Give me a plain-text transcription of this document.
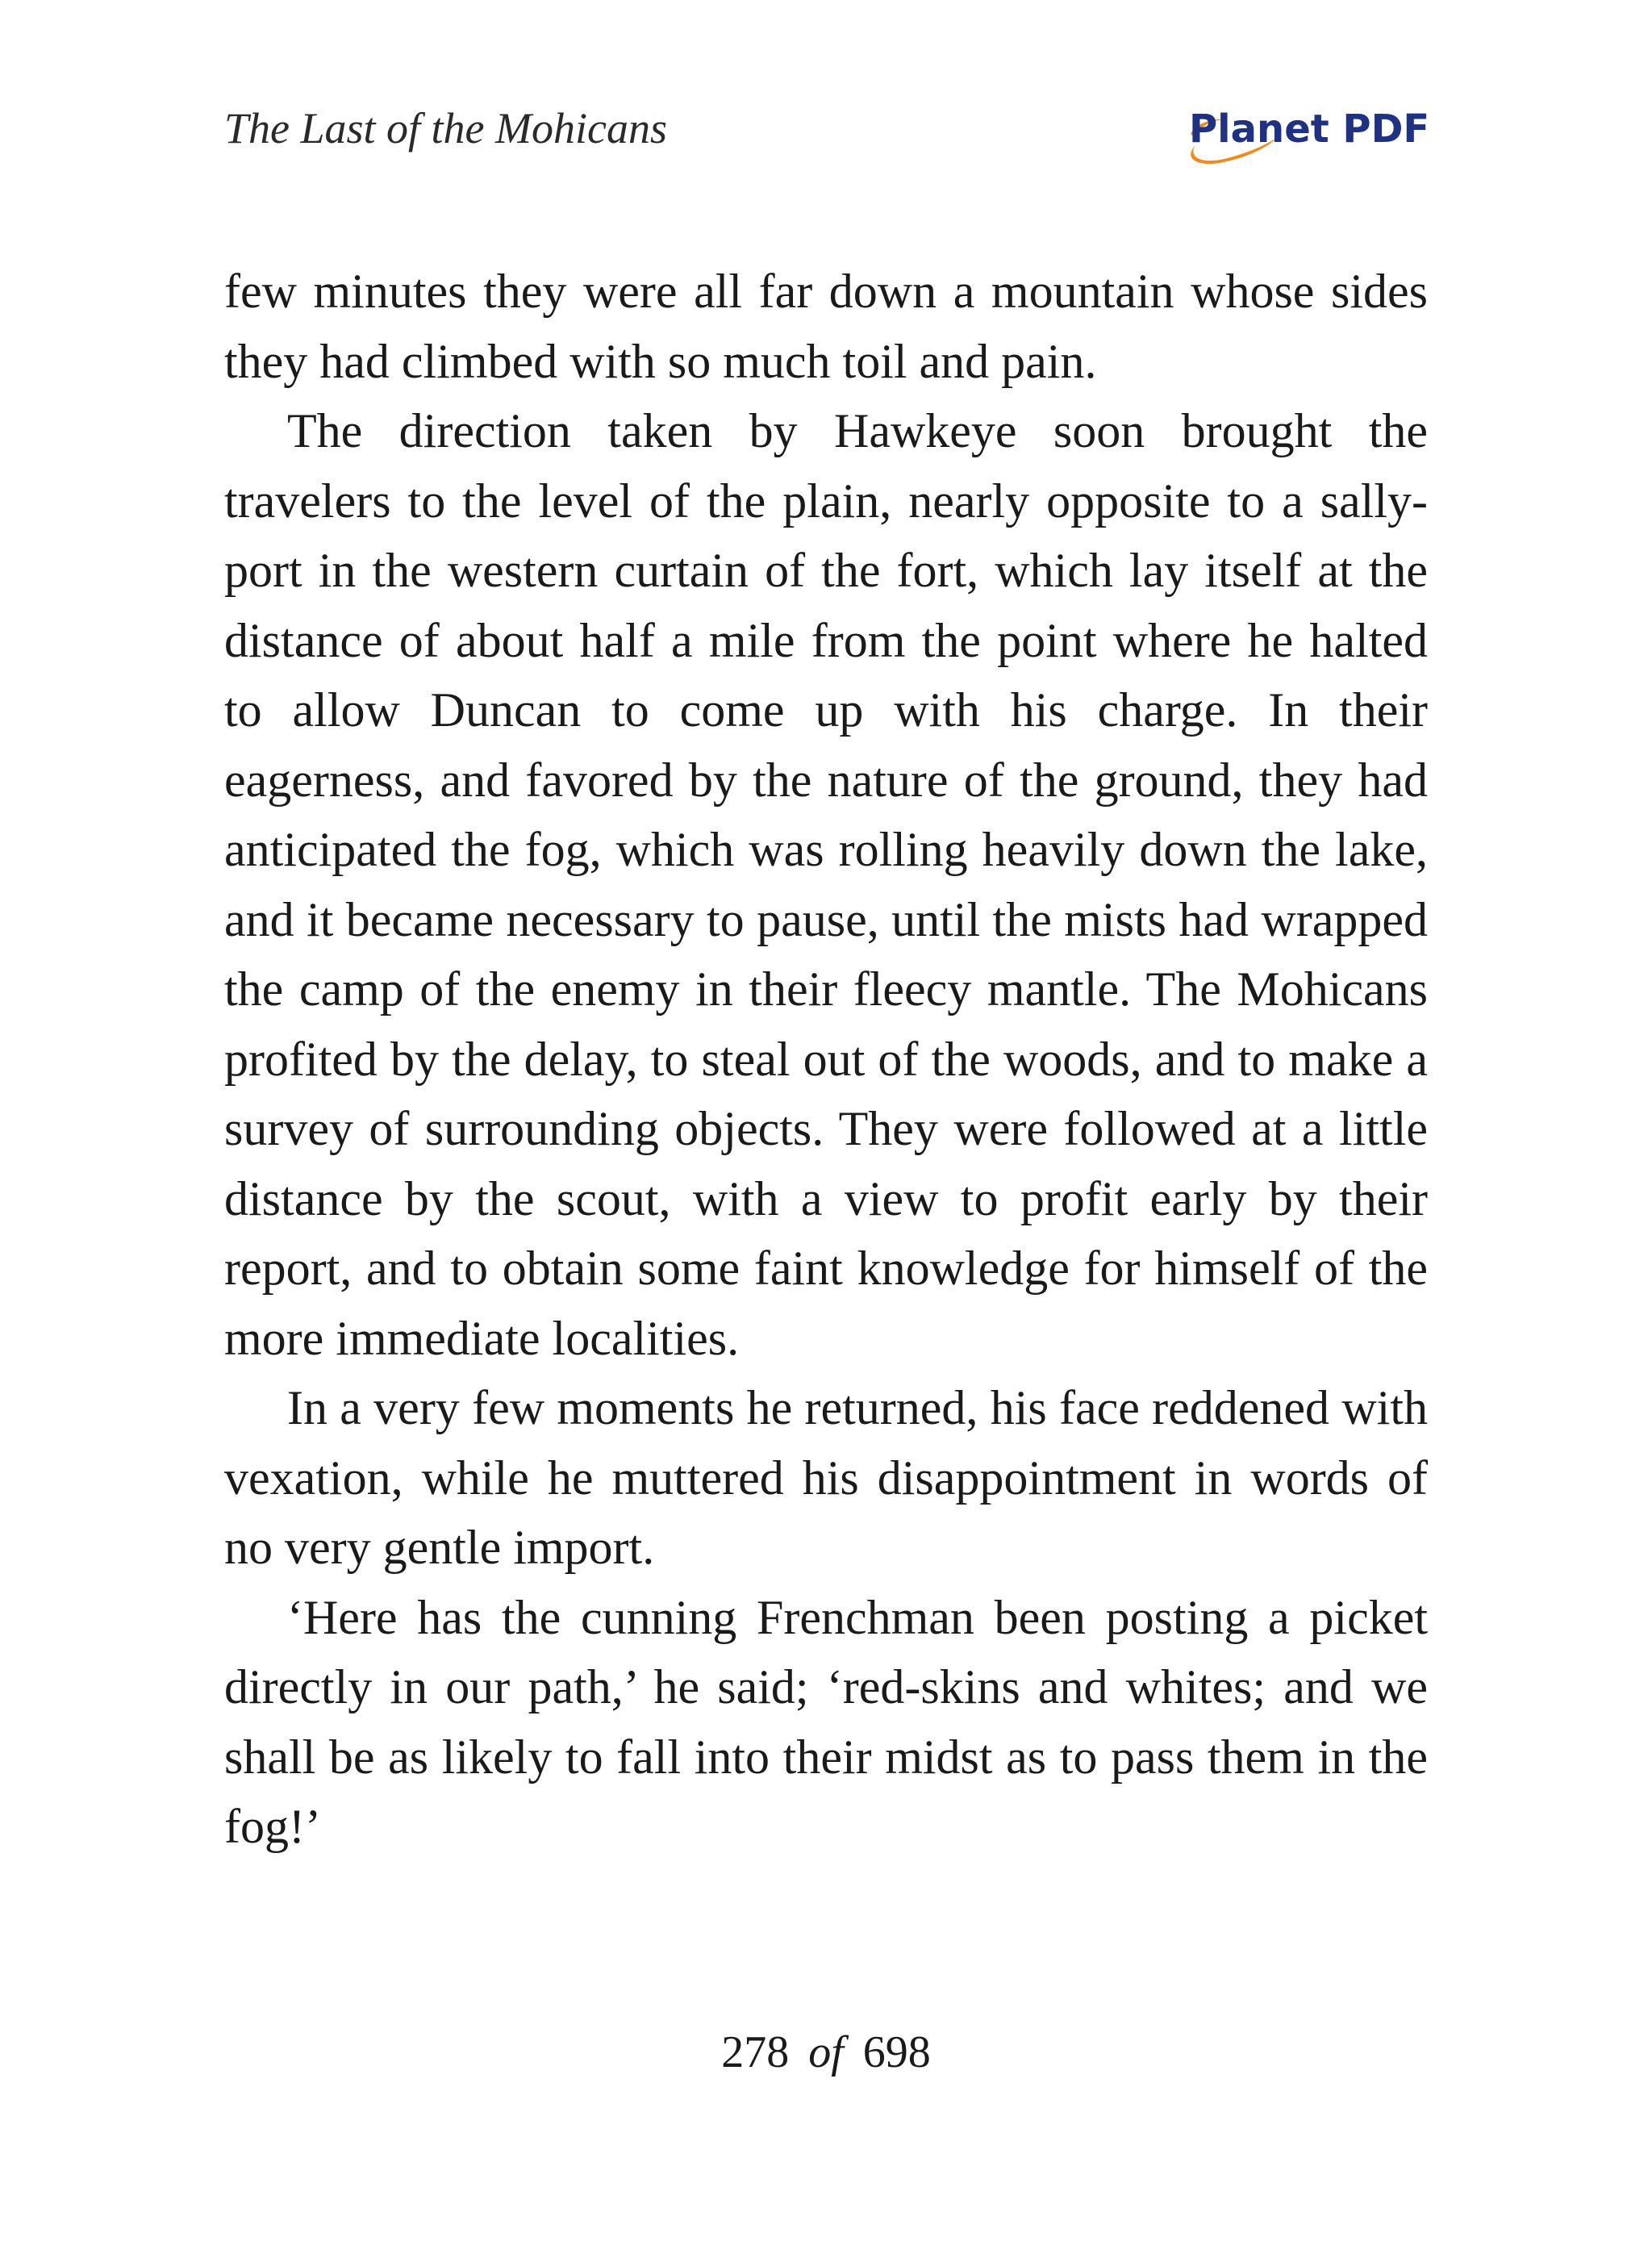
The Last of the Mohicans	Planet PDF

few minutes they were all far down a mountain whose sides they had climbed with so much toil and pain.

The direction taken by Hawkeye soon brought the travelers to the level of the plain, nearly opposite to a sally-port in the western curtain of the fort, which lay itself at the distance of about half a mile from the point where he halted to allow Duncan to come up with his charge. In their eagerness, and favored by the nature of the ground, they had anticipated the fog, which was rolling heavily down the lake, and it became necessary to pause, until the mists had wrapped the camp of the enemy in their fleecy mantle. The Mohicans profited by the delay, to steal out of the woods, and to make a survey of surrounding objects. They were followed at a little distance by the scout, with a view to profit early by their report, and to obtain some faint knowledge for himself of the more immediate localities.

In a very few moments he returned, his face reddened with vexation, while he muttered his disappointment in words of no very gentle import.

‘Here has the cunning Frenchman been posting a picket directly in our path,’ he said; ‘red-skins and whites; and we shall be as likely to fall into their midst as to pass them in the fog!’

278 of 698
